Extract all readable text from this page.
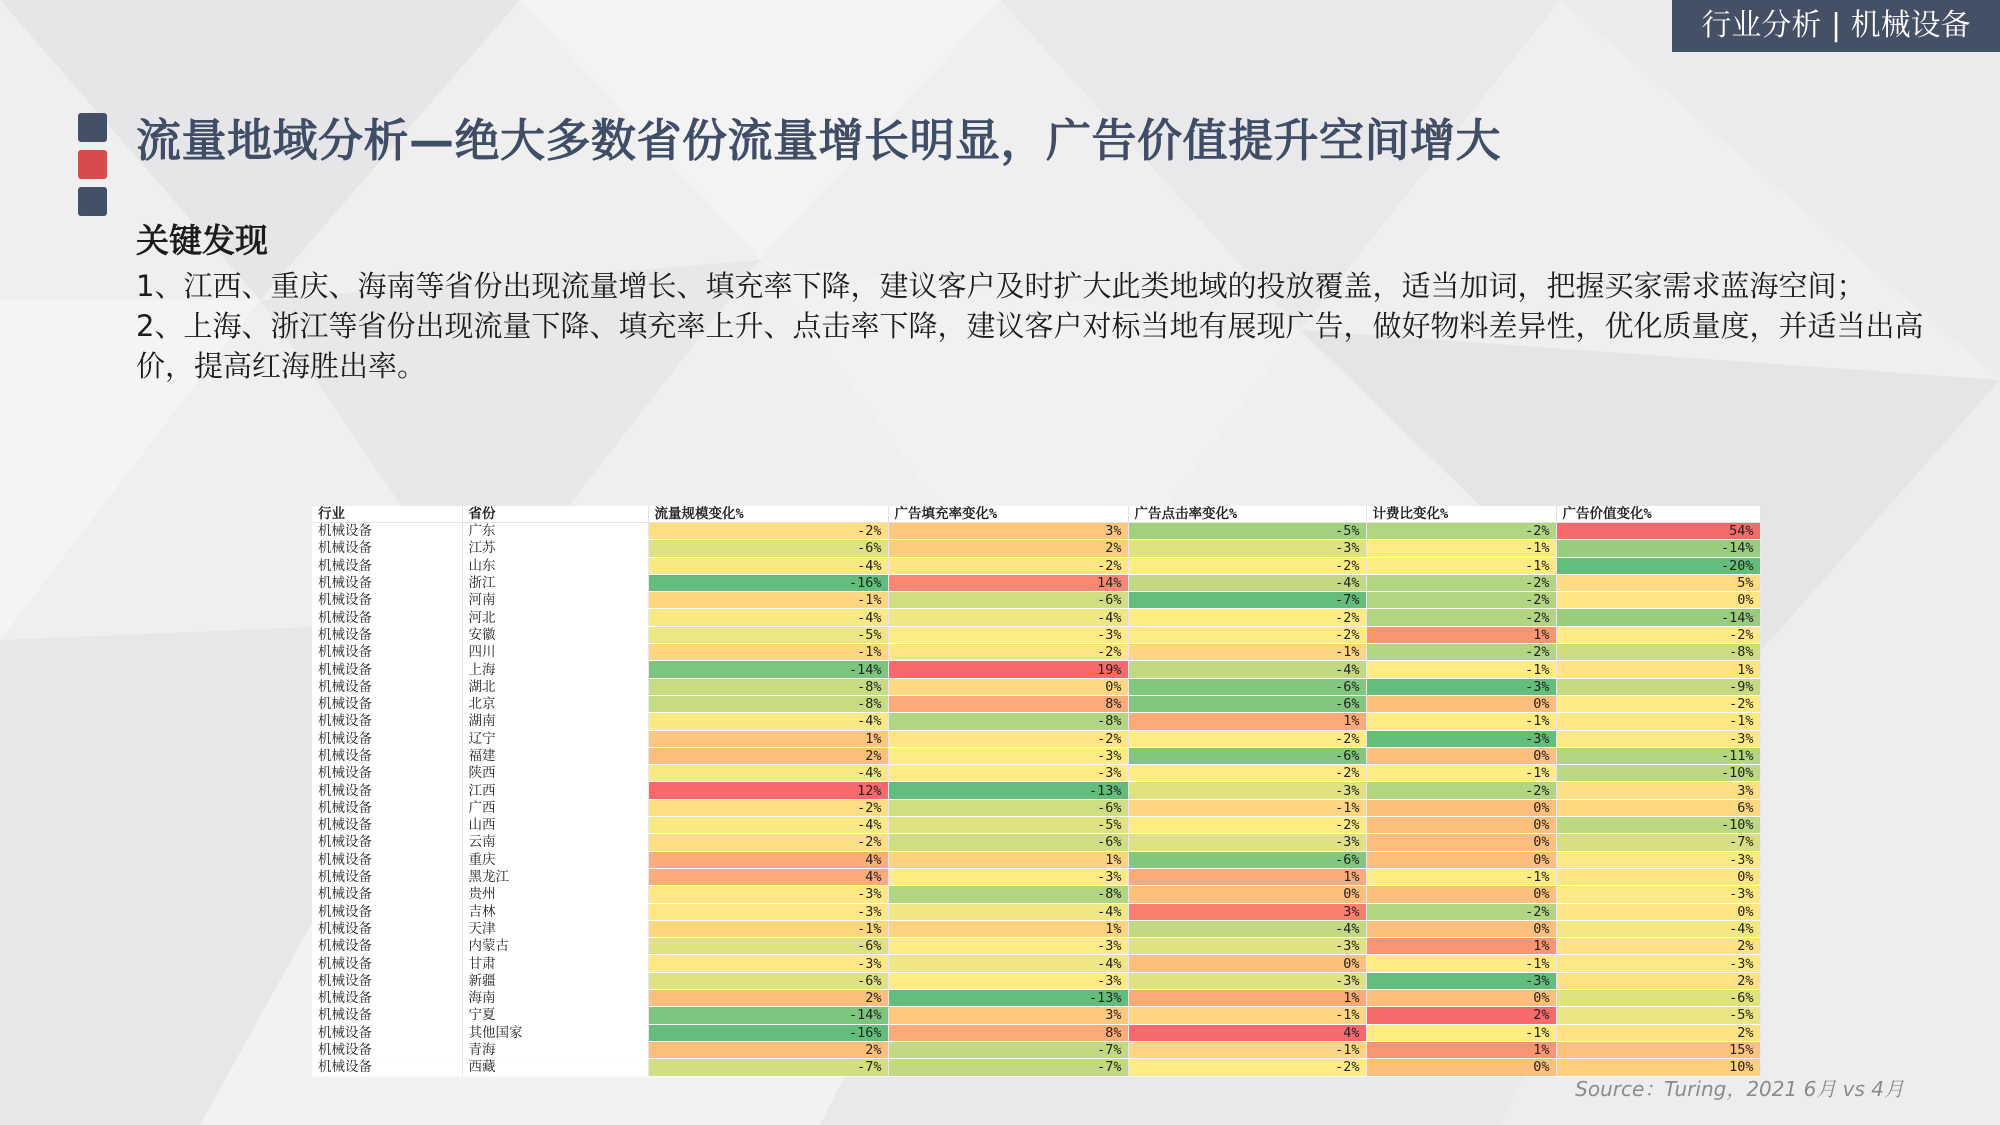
行业分析 | 机械设备
流量地域分析—绝大多数省份流量增长明显，广告价值提升空间增大
关键发现

1、江西、重庆、海南等省份出现流量增长、填充率下降，建议客户及时扩大此类地域的投放覆盖，适当加词，把握买家需求蓝海空间；

2、上海、浙江等省份出现流量下降、填充率上升、点击率下降，建议客户对标当地有展现广告，做好物料差异性，优化质量度，并适当出高价，提高红海胜出率。

行业	省份	流量规模变化%	广告填充率变化%	广告点击率变化%	计费比变化%	广告价值变化%
机械设备	广东	-2%	3%	-5%	-2%	54%
机械设备	江苏	-6%	2%	-3%	-1%	-14%
机械设备	山东	-4%	-2%	-2%	-1%	-20%
机械设备	浙江	-16%	14%	-4%	-2%	5%
机械设备	河南	-1%	-6%	-7%	-2%	0%
机械设备	河北	-4%	-4%	-2%	-2%	-14%
机械设备	安徽	-5%	-3%	-2%	1%	-2%
机械设备	四川	-1%	-2%	-1%	-2%	-8%
机械设备	上海	-14%	19%	-4%	-1%	1%
机械设备	湖北	-8%	0%	-6%	-3%	-9%
机械设备	北京	-8%	8%	-6%	0%	-2%
机械设备	湖南	-4%	-8%	1%	-1%	-1%
机械设备	辽宁	1%	-2%	-2%	-3%	-3%
机械设备	福建	2%	-3%	-6%	0%	-11%
机械设备	陕西	-4%	-3%	-2%	-1%	-10%
机械设备	江西	12%	-13%	-3%	-2%	3%
机械设备	广西	-2%	-6%	-1%	0%	6%
机械设备	山西	-4%	-5%	-2%	0%	-10%
机械设备	云南	-2%	-6%	-3%	0%	-7%
机械设备	重庆	4%	1%	-6%	0%	-3%
机械设备	黑龙江	4%	-3%	1%	-1%	0%
机械设备	贵州	-3%	-8%	0%	0%	-3%
机械设备	吉林	-3%	-4%	3%	-2%	0%
机械设备	天津	-1%	1%	-4%	0%	-4%
机械设备	内蒙古	-6%	-3%	-3%	1%	2%
机械设备	甘肃	-3%	-4%	0%	-1%	-3%
机械设备	新疆	-6%	-3%	-3%	-3%	2%
机械设备	海南	2%	-13%	1%	0%	-6%
机械设备	宁夏	-14%	3%	-1%	2%	-5%
机械设备	其他国家	-16%	8%	4%	-1%	2%
机械设备	青海	2%	-7%	-1%	1%	15%
机械设备	西藏	-7%	-7%	-2%	0%	10%
Source：Turing，2021 6月 vs 4月
